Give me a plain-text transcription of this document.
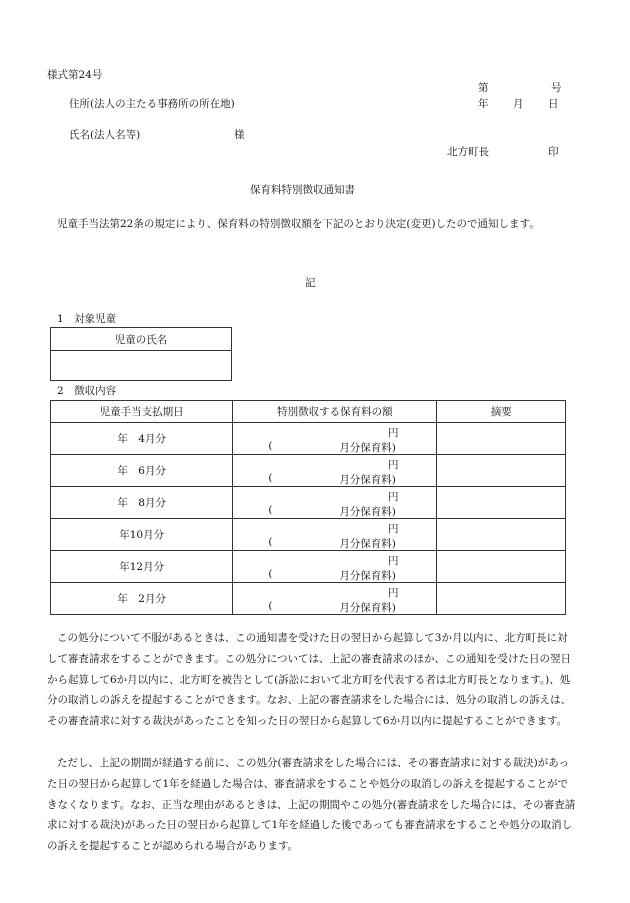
様式第24号
第	号
住所(法人の主たる事務所の所在地)	年 月 日
氏名(法人名等)	様
北方町長	印
保育料特別徴収通知書
児童手当法第22条の規定により、保育料の特別徴収額を下記のとおり決定(変更)したので通知します。
記
1　対象児童
児童の氏名

2　徴収内容
児童手当支払期日	特別徴収する保育料の額	摘要
年　4月分	円
( 月分保育料)	

年　6月分	円
( 月分保育料)	

年　8月分	円
( 月分保育料)	

年10月分	円
( 月分保育料)	

年12月分	円
( 月分保育料)	

年　2月分	円
( 月分保育料)	

この処分について不服があるときは、この通知書を受けた日の翌日から起算して3か月以内に、北方町長に対して審査請求をすることができます。この処分については、上記の審査請求のほか、この通知を受けた日の翌日から起算して6か月以内に、北方町を被告として(訴訟において北方町を代表する者は北方町長となります。)、処分の取消しの訴えを提起することができます。なお、上記の審査請求をした場合には、処分の取消しの訴えは、その審査請求に対する裁決があったことを知った日の翌日から起算して6か月以内に提起することができます。
ただし、上記の期間が経過する前に、この処分(審査請求をした場合には、その審査請求に対する裁決)があった日の翌日から起算して1年を経過した場合は、審査請求をすることや処分の取消しの訴えを提起することができなくなります。なお、正当な理由があるときは、上記の期間やこの処分(審査請求をした場合には、その審査請求に対する裁決)があった日の翌日から起算して1年を経過した後であっても審査請求をすることや処分の取消しの訴えを提起することが認められる場合があります。
